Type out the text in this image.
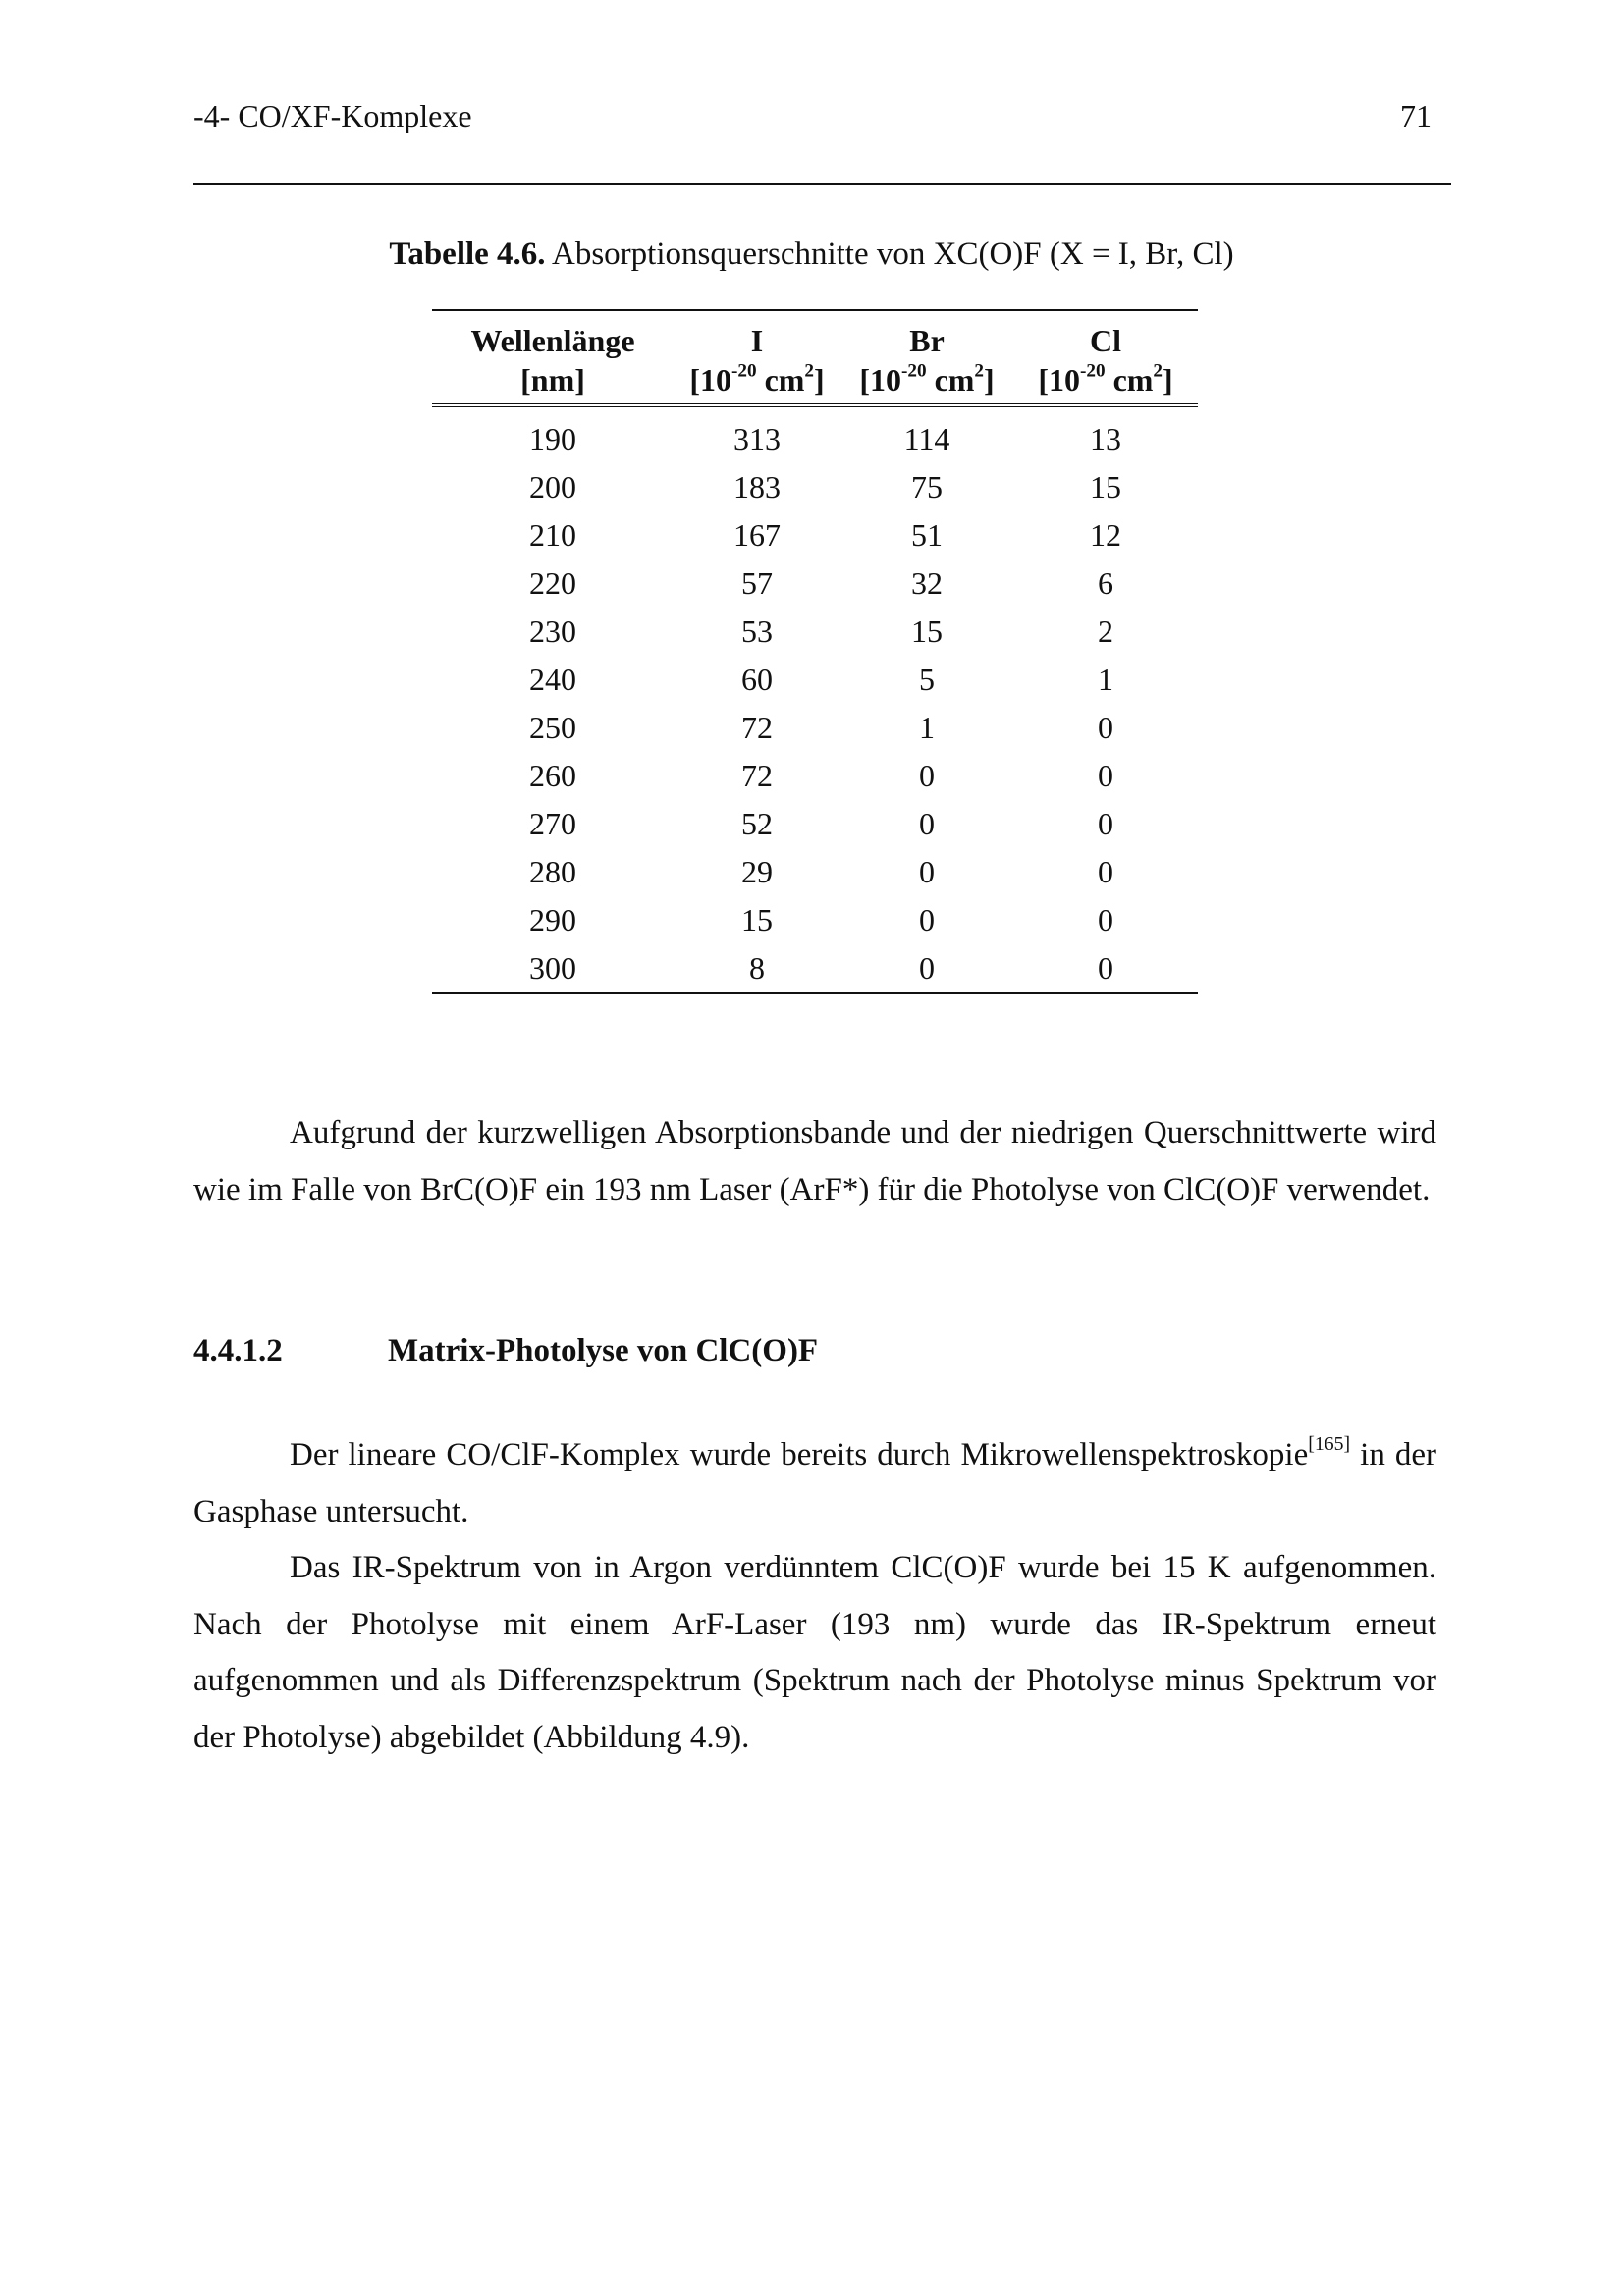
-4- CO/XF-Komplexe	71
Tabelle 4.6. Absorptionsquerschnitte von XC(O)F (X = I, Br, Cl)
Wellenlänge	I	Br	Cl
[nm]	[$10^{-20}$ $cm^2$]	[$10^{-20}$ $cm^2$]	[$10^{-20}$ $cm^2$]
190	313	114	13
200	183	75	15
210	167	51	12
220	57	32	6
230	53	15	2
240	60	5	1
250	72	1	0
260	72	0	0
270	52	0	0
280	29	0	0
290	15	0	0
300	8	0	0
Aufgrund der kurzwelligen Absorptionsbande und der niedrigen Querschnittwerte wird wie im Falle von BrC(O)F ein 193 nm Laser (ArF*) für die Photolyse von ClC(O)F verwendet.
4.4.1.2	Matrix-Photolyse von ClC(O)F
Der lineare CO/ClF-Komplex wurde bereits durch Mikrowellenspektroskopie[165] in der Gasphase untersucht.
Das IR-Spektrum von in Argon verdünntem ClC(O)F wurde bei 15 K aufgenommen. Nach der Photolyse mit einem ArF-Laser (193 nm) wurde das IR-Spektrum erneut aufgenommen und als Differenzspektrum (Spektrum nach der Photolyse minus Spektrum vor der Photolyse) abgebildet (Abbildung 4.9).
